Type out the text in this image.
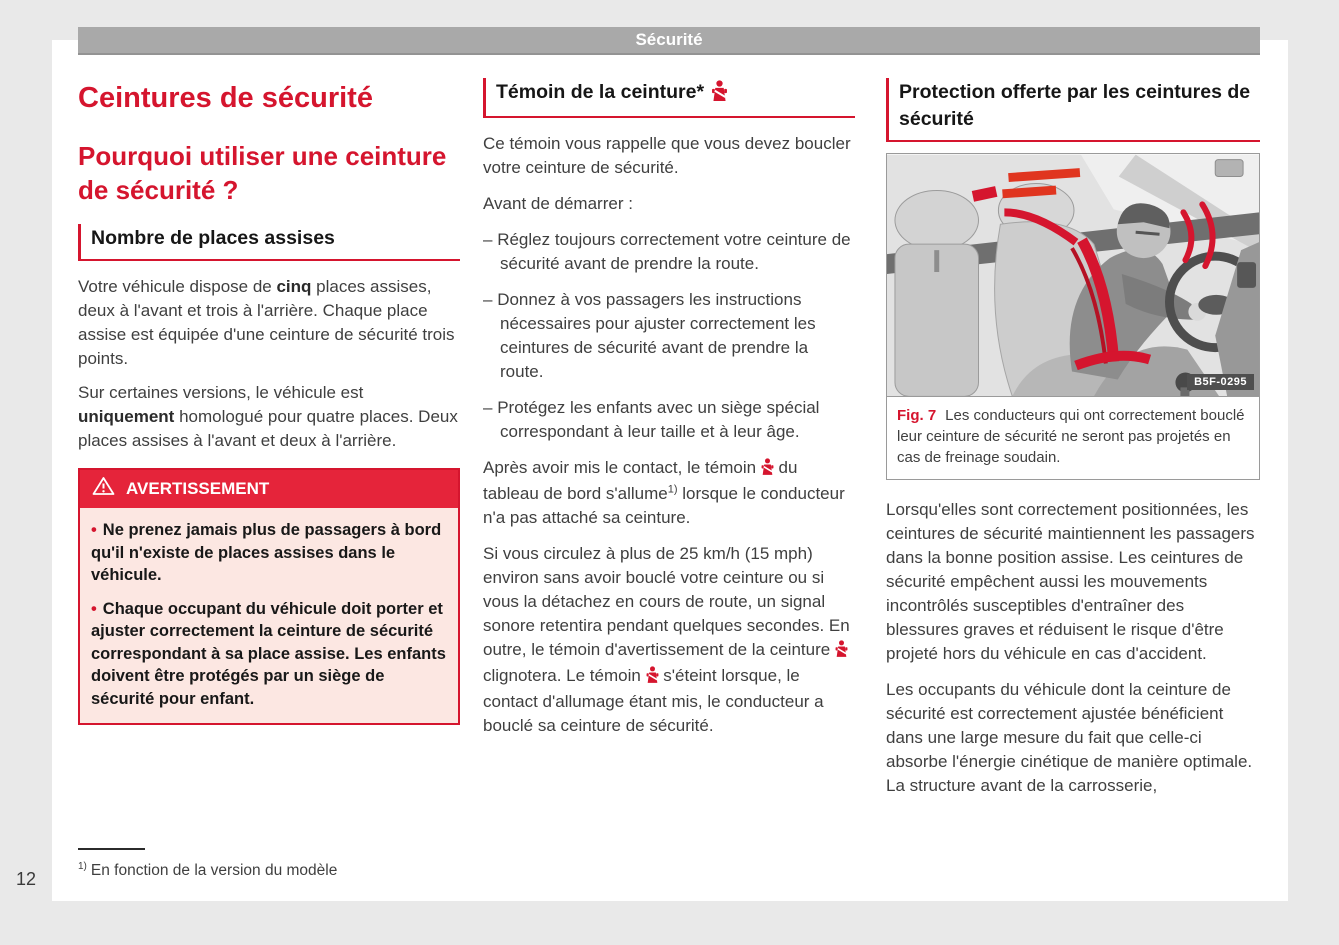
Ceintures de sécurité
Pourquoi utiliser une ceinture de sécurité ?
Nombre de places assises

Votre véhicule dispose de cinq places assises, deux à l'avant et trois à l'arrière. Chaque place assise est équipée d'une ceinture de sécurité trois points.

Sur certaines versions, le véhicule est uniquement homologué pour quatre places. Deux places assises à l'avant et deux à l'arrière.

AVERTISSEMENT

• Ne prenez jamais plus de passagers à bord qu'il n'existe de places assises dans le véhicule.

• Chaque occupant du véhicule doit porter et ajuster correctement la ceinture de sécurité correspondant à sa place assise. Les enfants doivent être protégés par un siège de sécurité pour enfant.

Témoin de la ceinture*

Ce témoin vous rappelle que vous devez boucler votre ceinture de sécurité.

Avant de démarrer :

– Réglez toujours correctement votre ceinture de sécurité avant de prendre la route.
– Donnez à vos passagers les instructions nécessaires pour ajuster correctement les ceintures de sécurité avant de prendre la route.
– Protégez les enfants avec un siège spécial correspondant à leur taille et à leur âge.

Après avoir mis le contact, le témoin  du tableau de bord s'allume$^{1)}$ lorsque le conducteur n'a pas attaché sa ceinture.

Si vous circulez à plus de 25 km/h (15 mph) environ sans avoir bouclé votre ceinture ou si vous la détachez en cours de route, un signal sonore retentira pendant quelques secondes. En outre, le témoin d'avertissement de la ceinture  clignotera. Le témoin  s'éteint lorsque, le contact d'allumage étant mis, le conducteur a bouclé sa ceinture de sécurité.

Protection offerte par les ceintures de sécurité
B5F-0295
Fig. 7 Les conducteurs qui ont correctement bouclé leur ceinture de sécurité ne seront pas projetés en cas de freinage soudain.

Lorsqu'elles sont correctement positionnées, les ceintures de sécurité maintiennent les passagers dans la bonne position assise. Les ceintures de sécurité empêchent aussi les mouvements incontrôlés susceptibles d'entraîner des blessures graves et réduisent le risque d'être projeté hors du véhicule en cas d'accident.

Les occupants du véhicule dont la ceinture de sécurité est correctement ajustée bénéficient dans une large mesure du fait que celle-ci absorbe l'énergie cinétique de manière optimale. La structure avant de la carrosserie,

$^{1)}$ En fonction de la version du modèle
Sécurité
12
